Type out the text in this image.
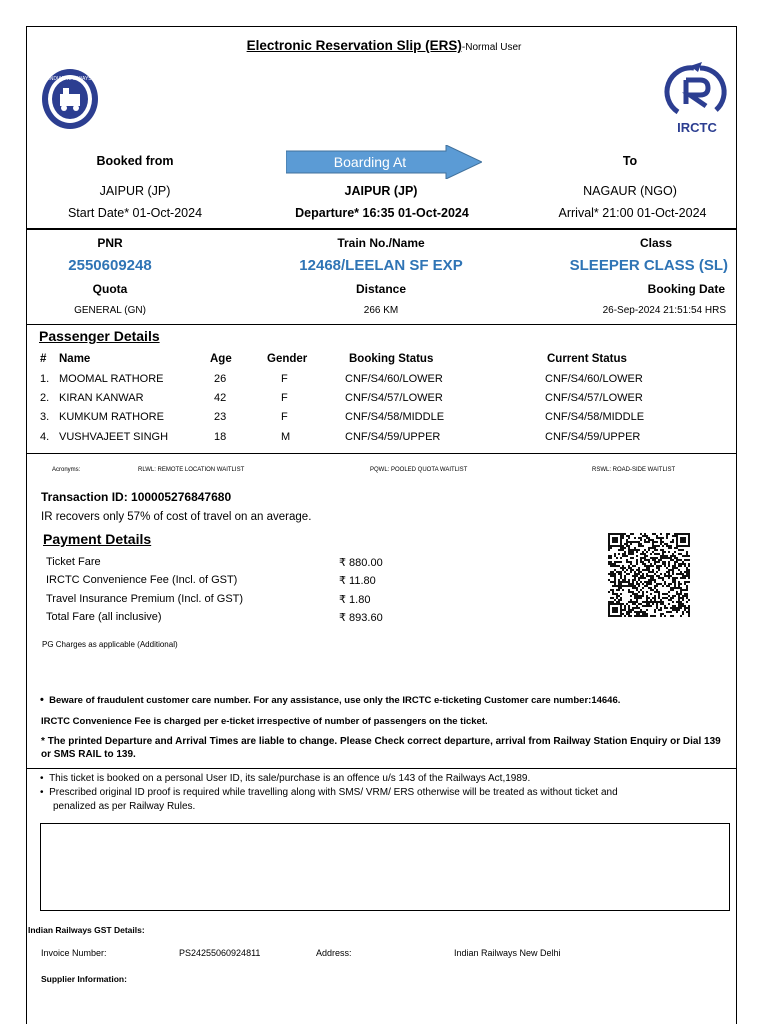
Electronic Reservation Slip (ERS)-Normal User
INDIAN RAILWAYS
IRCTC
Booked from	Boarding At	To
JAIPUR (JP)	JAIPUR (JP)	NAGAUR (NGO)
Start Date* 01-Oct-2024	Departure* 16:35 01-Oct-2024	Arrival* 21:00 01-Oct-2024
PNR	Train No./Name	Class
2550609248	12468/LEELAN SF EXP	SLEEPER CLASS (SL)
Quota	Distance	Booking Date
GENERAL (GN)	266 KM	26-Sep-2024 21:51:54 HRS
Passenger Details
# Name	Age	Gender	Booking Status	Current Status
1. MOOMAL RATHORE	26	F	CNF/S4/60/LOWER	CNF/S4/60/LOWER
2. KIRAN KANWAR	42	F	CNF/S4/57/LOWER	CNF/S4/57/LOWER
3. KUMKUM RATHORE	23	F	CNF/S4/58/MIDDLE	CNF/S4/58/MIDDLE
4. VUSHVAJEET SINGH	18	M	CNF/S4/59/UPPER	CNF/S4/59/UPPER
Acronyms:	RLWL: REMOTE LOCATION WAITLIST	PQWL: POOLED QUOTA WAITLIST	RSWL: ROAD-SIDE WAITLIST
Transaction ID: 100005276847680
IR recovers only 57% of cost of travel on an average.
Payment Details
Ticket Fare	₹ 880.00
IRCTC Convenience Fee (Incl. of GST)	₹ 11.80
Travel Insurance Premium (Incl. of GST)	₹ 1.80
Total Fare (all inclusive)	₹ 893.60
PG Charges as applicable (Additional)
• Beware of fraudulent customer care number. For any assistance, use only the IRCTC e-ticketing Customer care number:14646.
IRCTC Convenience Fee is charged per e-ticket irrespective of number of passengers on the ticket.
* The printed Departure and Arrival Times are liable to change. Please Check correct departure, arrival from Railway Station Enquiry or Dial 139 or SMS RAIL to 139.
• This ticket is booked on a personal User ID, its sale/purchase is an offence u/s 143 of the Railways Act,1989.
• Prescribed original ID proof is required while travelling along with SMS/ VRM/ ERS otherwise will be treated as without ticket and
penalized as per Railway Rules.
Indian Railways GST Details:
Invoice Number:	PS24255060924811	Address:	Indian Railways New Delhi
Supplier Information:
